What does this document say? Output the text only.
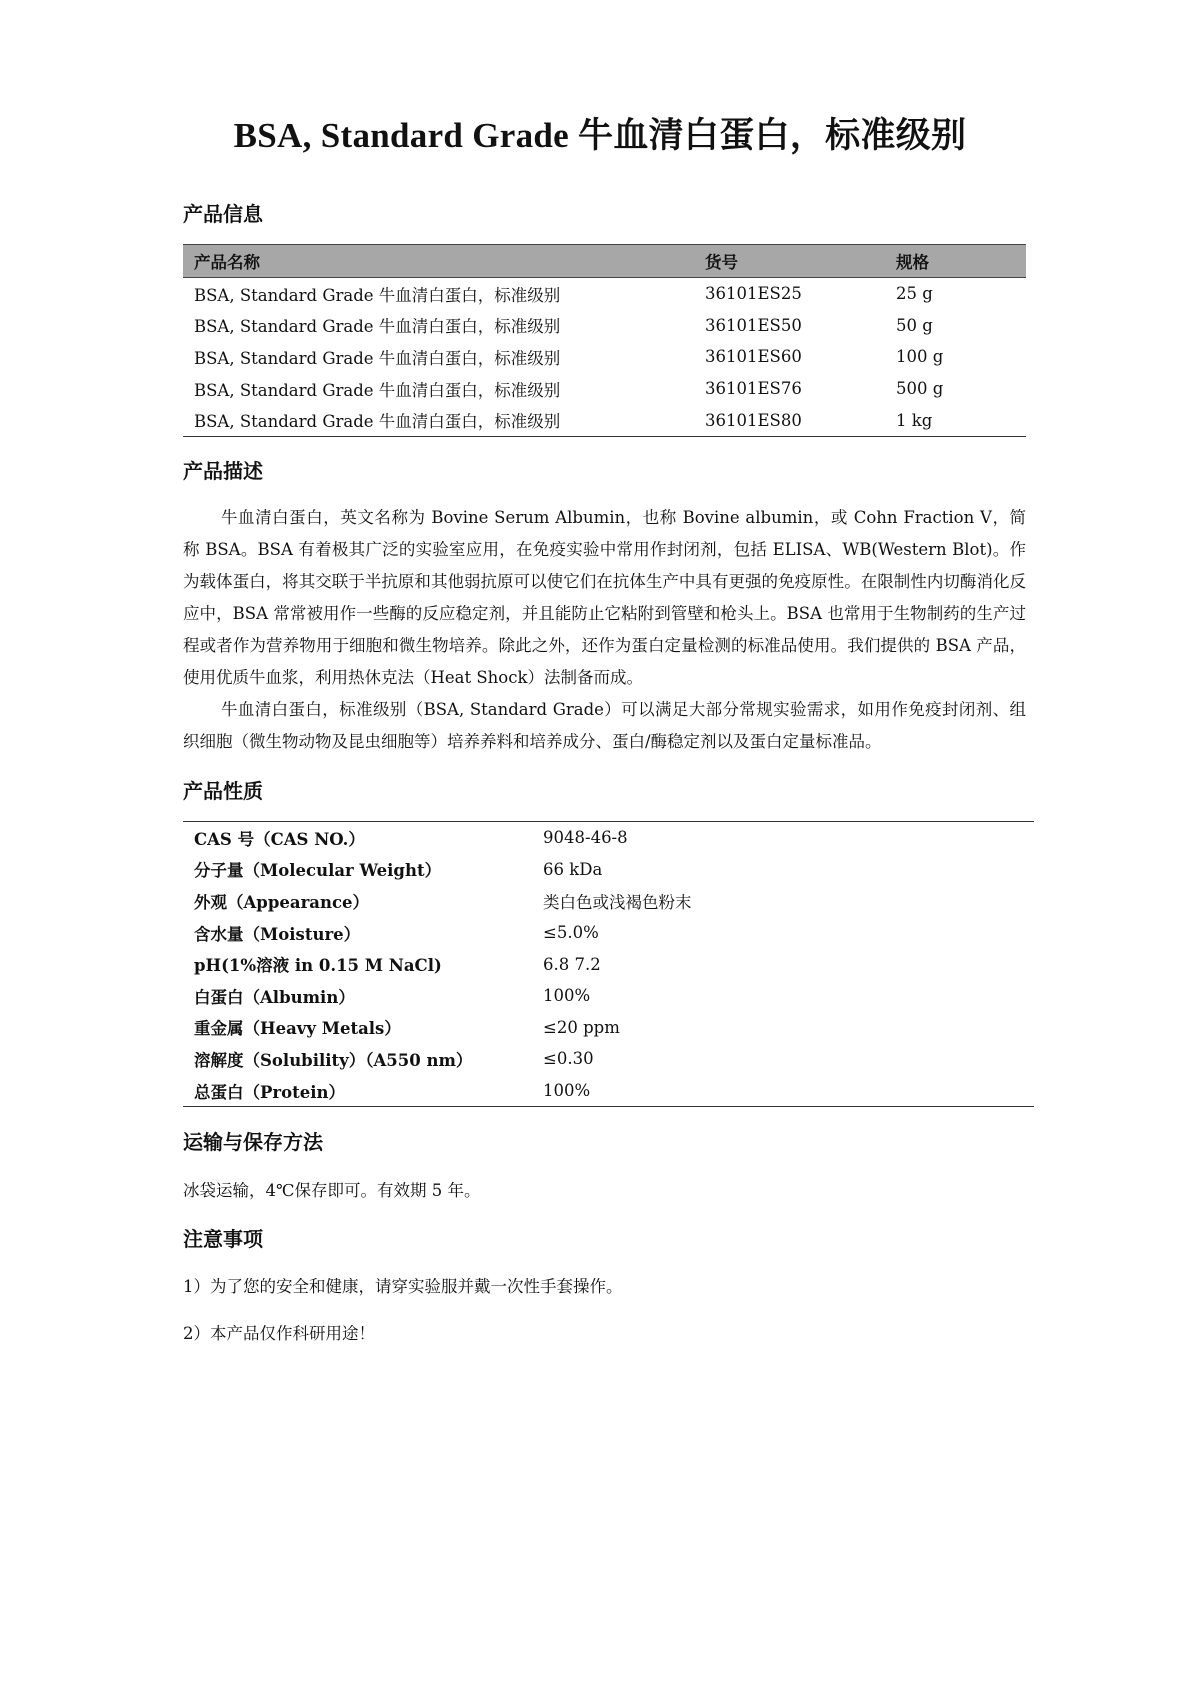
BSA, Standard Grade 牛血清白蛋白，标准级别
产品信息
产品名称	货号	规格
BSA, Standard Grade 牛血清白蛋白，标准级别	36101ES25	25 g
BSA, Standard Grade 牛血清白蛋白，标准级别	36101ES50	50 g
BSA, Standard Grade 牛血清白蛋白，标准级别	36101ES60	100 g
BSA, Standard Grade 牛血清白蛋白，标准级别	36101ES76	500 g
BSA, Standard Grade 牛血清白蛋白，标准级别	36101ES80	1 kg
产品描述

牛血清白蛋白，英文名称为 Bovine Serum Albumin，也称 Bovine albumin，或 Cohn Fraction V，简称 BSA。BSA 有着极其广泛的实验室应用，在免疫实验中常用作封闭剂，包括 ELISA、WB(Western Blot)。作为载体蛋白，将其交联于半抗原和其他弱抗原可以使它们在抗体生产中具有更强的免疫原性。在限制性内切酶消化反应中，BSA 常常被用作一些酶的反应稳定剂，并且能防止它粘附到管壁和枪头上。BSA 也常用于生物制药的生产过程或者作为营养物用于细胞和微生物培养。除此之外，还作为蛋白定量检测的标准品使用。我们提供的 BSA 产品，使用优质牛血浆，利用热休克法（Heat Shock）法制备而成。

牛血清白蛋白，标准级别（BSA, Standard Grade）可以满足大部分常规实验需求，如用作免疫封闭剂、组织细胞（微生物动物及昆虫细胞等）培养养料和培养成分、蛋白/酶稳定剂以及蛋白定量标准品。

产品性质
CAS 号（CAS NO.）	9048-46-8
分子量（Molecular Weight）	66 kDa
外观（Appearance）	类白色或浅褐色粉末
含水量（Moisture）	≤5.0%
pH(1%溶液 in 0.15 M NaCl)	6.8 7.2
白蛋白（Albumin）	100%
重金属（Heavy Metals）	≤20 ppm
溶解度（Solubility）（A550 nm）	≤0.30
总蛋白（Protein）	100%
运输与保存方法

冰袋运输，4℃保存即可。有效期 5 年。

注意事项

1）为了您的安全和健康，请穿实验服并戴一次性手套操作。

2）本产品仅作科研用途！
